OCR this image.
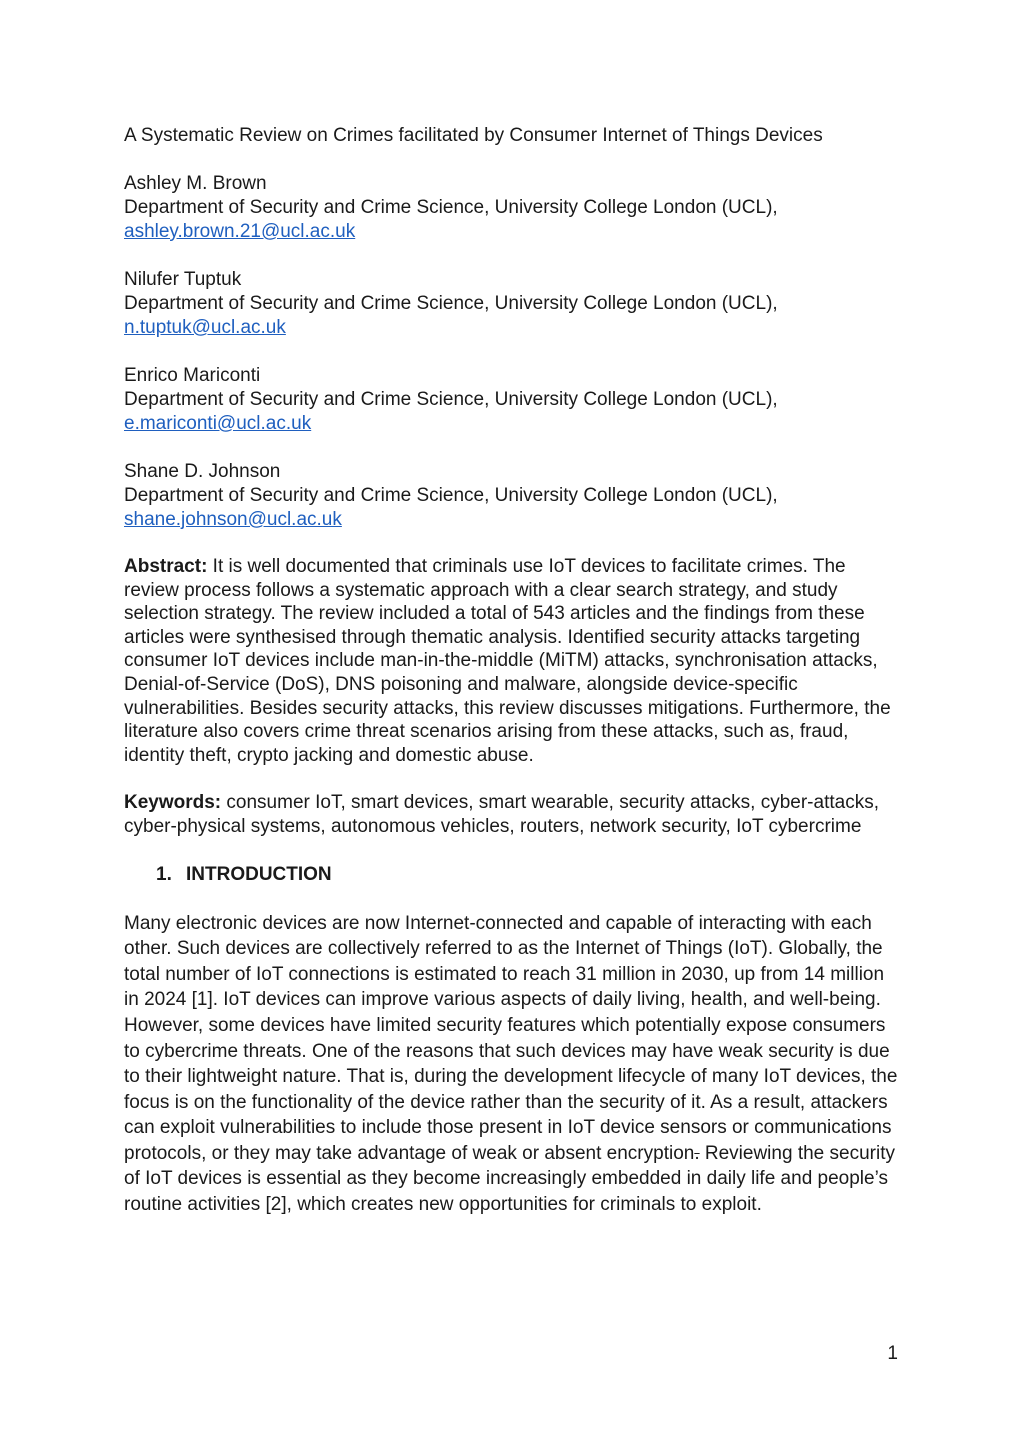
A Systematic Review on Crimes facilitated by Consumer Internet of Things Devices

Ashley M. Brown
Department of Security and Crime Science, University College London (UCL),
ashley.brown.21@ucl.ac.uk
Nilufer Tuptuk
Department of Security and Crime Science, University College London (UCL),
n.tuptuk@ucl.ac.uk
Enrico Mariconti
Department of Security and Crime Science, University College London (UCL),
e.mariconti@ucl.ac.uk
Shane D. Johnson
Department of Security and Crime Science, University College London (UCL),
shane.johnson@ucl.ac.uk
Abstract: It is well documented that criminals use IoT devices to facilitate crimes. The review process follows a systematic approach with a clear search strategy, and study selection strategy. The review included a total of 543 articles and the findings from these articles were synthesised through thematic analysis. Identified security attacks targeting consumer IoT devices include man-in-the-middle (MiTM) attacks, synchronisation attacks, Denial-of-Service (DoS), DNS poisoning and malware, alongside device-specific vulnerabilities. Besides security attacks, this review discusses mitigations. Furthermore, the literature also covers crime threat scenarios arising from these attacks, such as, fraud, identity theft, crypto jacking and domestic abuse.
Keywords: consumer IoT, smart devices, smart wearable, security attacks, cyber-attacks, cyber-physical systems, autonomous vehicles, routers, network security, IoT cybercrime
1. INTRODUCTION
Many electronic devices are now Internet-connected and capable of interacting with each other. Such devices are collectively referred to as the Internet of Things (IoT). Globally, the total number of IoT connections is estimated to reach 31 million in 2030, up from 14 million in 2024 [1]. IoT devices can improve various aspects of daily living, health, and well-being. However, some devices have limited security features which potentially expose consumers to cybercrime threats. One of the reasons that such devices may have weak security is due to their lightweight nature. That is, during the development lifecycle of many IoT devices, the focus is on the functionality of the device rather than the security of it. As a result, attackers can exploit vulnerabilities to include those present in IoT device sensors or communications protocols, or they may take advantage of weak or absent encryption. Reviewing the security of IoT devices is essential as they become increasingly embedded in daily life and people’s routine activities [2], which creates new opportunities for criminals to exploit.
1
